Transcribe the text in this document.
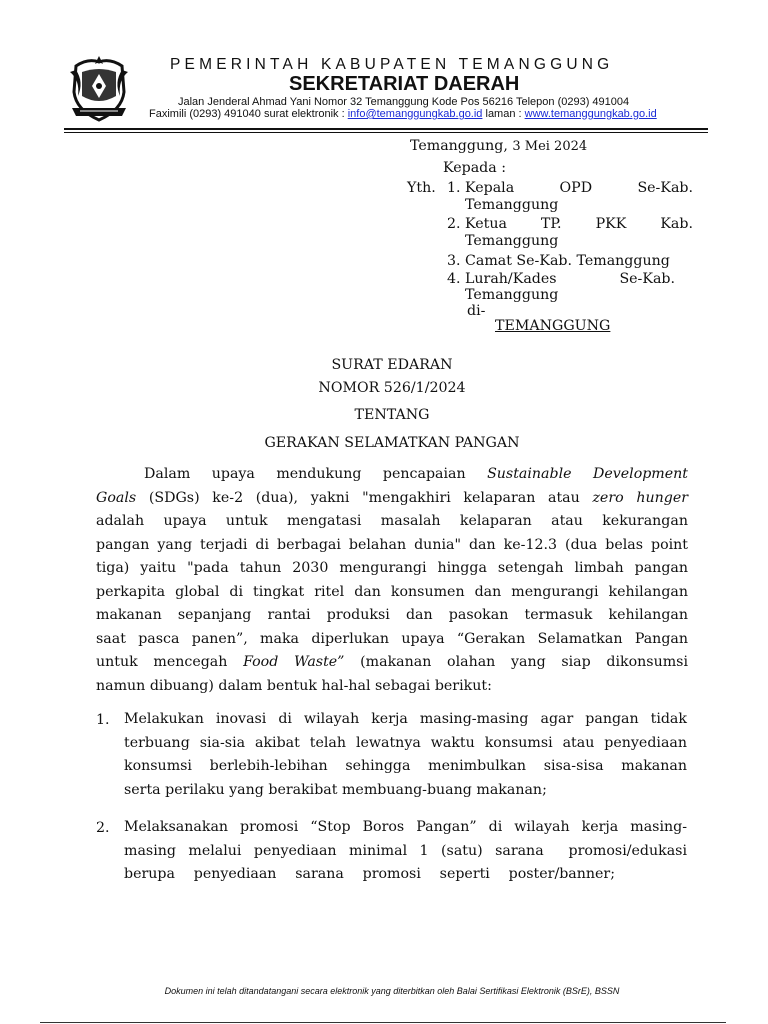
PEMERINTAH KABUPATEN TEMANGGUNG
SEKRETARIAT DAERAH
Jalan Jenderal Ahmad Yani Nomor 32 Temanggung Kode Pos 56216 Telepon (0293) 491004
Faximili (0293) 491040 surat elektronik : info@temanggungkab.go.id laman : www.temanggungkab.go.id
Temanggung, 3 Mei 2024
Kepada :
Yth. 1. Kepala	OPD	Se-Kab.
Temanggung
2. Ketua TP. PKK Kab.
Temanggung
3. Camat Se-Kab. Temanggung
4. Lurah/Kades	Se-Kab.
Temanggung
di-
TEMANGGUNG
SURAT EDARAN
NOMOR 526/1/2024
TENTANG
GERAKAN SELAMATKAN PANGAN
Dalam upaya mendukung pencapaian Sustainable Development
Goals (SDGs) ke-2 (dua), yakni "mengakhiri kelaparan atau zero hunger
adalah upaya untuk mengatasi masalah kelaparan atau kekurangan
pangan yang terjadi di berbagai belahan dunia" dan ke-12.3 (dua belas point
tiga) yaitu "pada tahun 2030 mengurangi hingga setengah limbah pangan
perkapita global di tingkat ritel dan konsumen dan mengurangi kehilangan
makanan sepanjang rantai produksi dan pasokan termasuk kehilangan
saat pasca panen”, maka diperlukan upaya “Gerakan Selamatkan Pangan
untuk mencegah Food Waste” (makanan olahan yang siap dikonsumsi
namun dibuang) dalam bentuk hal-hal sebagai berikut:
1. Melakukan inovasi di wilayah kerja masing-masing agar pangan tidak
terbuang sia-sia akibat telah lewatnya waktu konsumsi atau penyediaan
konsumsi berlebih-lebihan sehingga menimbulkan sisa-sisa makanan
serta perilaku yang berakibat membuang-buang makanan;
2. Melaksanakan promosi “Stop Boros Pangan” di wilayah kerja masing-
masing melalui penyediaan minimal 1 (satu) sarana  promosi/edukasi
berupa penyediaan sarana promosi seperti poster/banner;
Dokumen ini telah ditandatangani secara elektronik yang diterbitkan oleh Balai Sertifikasi Elektronik (BSrE), BSSN
